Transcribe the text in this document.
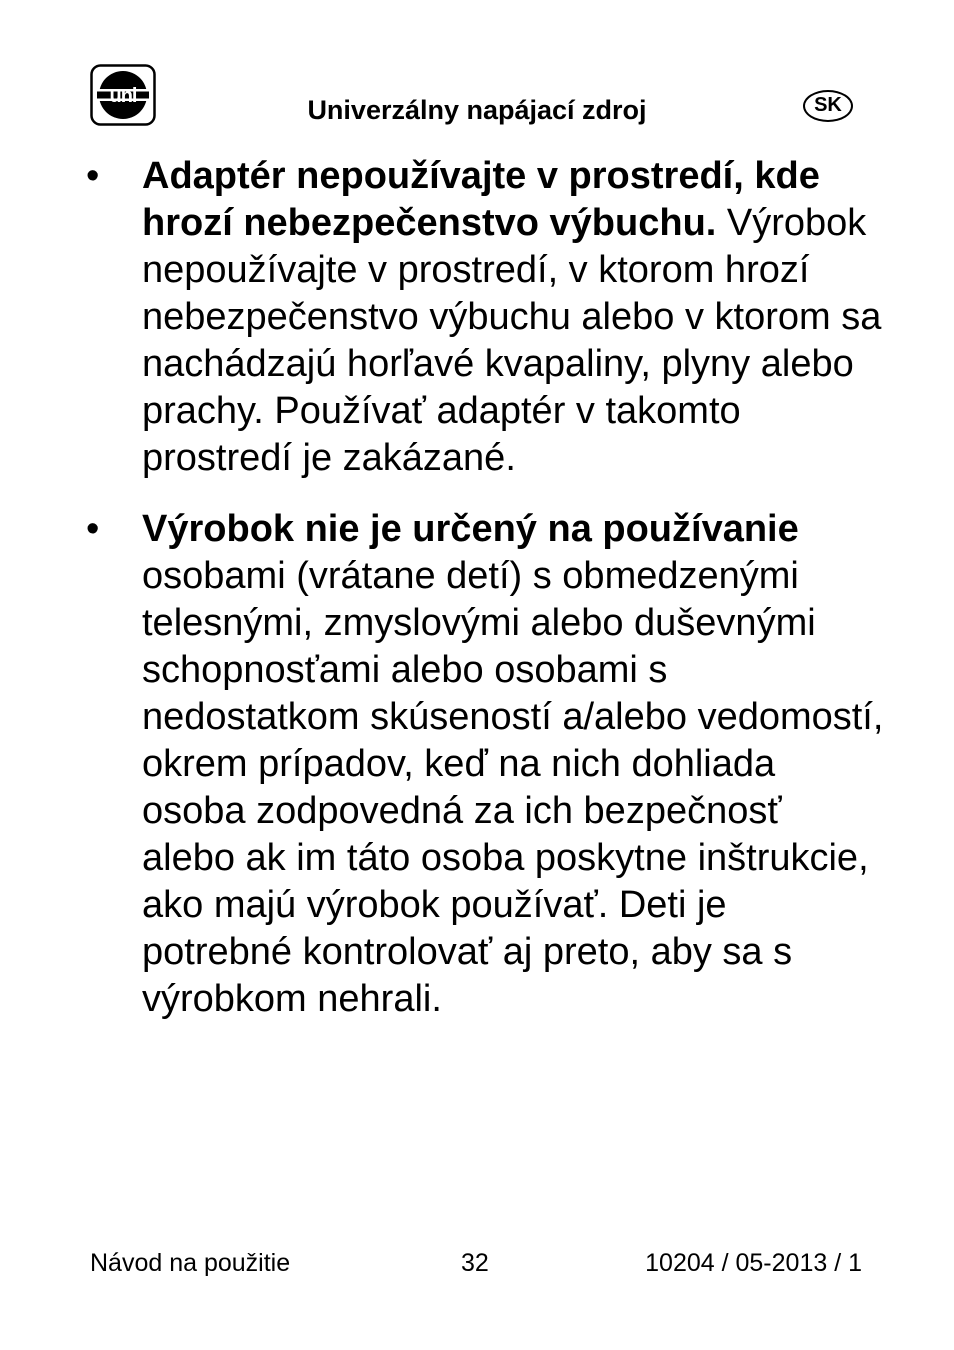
uni	Univerzálny napájací zdroj	SK
• Adaptér nepoužívajte v prostredí, kde hrozí nebezpečenstvo výbuchu. Výrobok nepoužívajte v prostredí, v ktorom hrozí nebezpečenstvo výbuchu alebo v ktorom sa nachádzajú horľavé kvapaliny, plyny alebo prachy. Používať adaptér v takomto prostredí je zakázané.
• Výrobok nie je určený na používanie osobami (vrátane detí) s obmedzenými telesnými, zmyslovými alebo duševnými schopnosťami alebo osobami s nedostatkom skúseností a/alebo vedomostí, okrem prípadov, keď na nich dohliada osoba zodpovedná za ich bezpečnosť alebo ak im táto osoba poskytne inštrukcie, ako majú výrobok používať. Deti je potrebné kontrolovať aj preto, aby sa s výrobkom nehrali.
Návod na použitie	32	10204 / 05-2013 / 1
